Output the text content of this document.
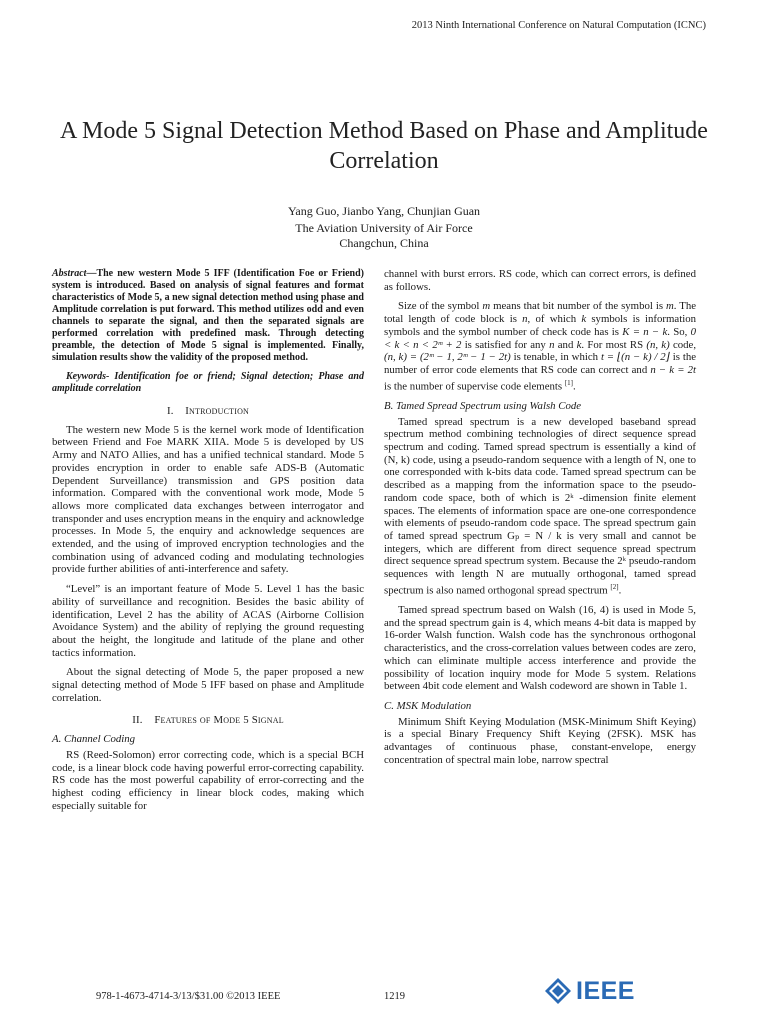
2013 Ninth International Conference on Natural Computation (ICNC)
A Mode 5 Signal Detection Method Based on Phase and Amplitude Correlation
Yang Guo, Jianbo Yang, Chunjian Guan
The Aviation University of Air Force
Changchun, China

Abstract—The new western Mode 5 IFF (Identification Foe or Friend) system is introduced. Based on analysis of signal features and format characteristics of Mode 5, a new signal detection method using phase and Amplitude correlation is put forward. This method utilizes odd and even channels to separate the signal, and then the separated signals are performed correlation with predefined mask. Through detecting preamble, the detection of Mode 5 signal is implemented. Finally, simulation results show the validity of the proposed method.

Keywords- Identification foe or friend; Signal detection; Phase and amplitude correlation

I. Introduction

The western new Mode 5 is the kernel work mode of Identification between Friend and Foe MARK XIIA. Mode 5 is developed by US Army and NATO Allies, and has a unified technical standard. Mode 5 provides encryption in order to enable safe ADS-B (Automatic Dependent Surveillance) transmission and GPS position data information. Compared with the conventional work mode, Mode 5 allows more complicated data exchanges between interrogator and transponder and uses encryption means in the enquiry and acknowledge processes. In Mode 5, the enquiry and acknowledge sequences are extended, and the using of improved encryption technologies and the combination using of advanced coding and modulating technologies provide further abilities of anti-interference and safety.

“Level” is an important feature of Mode 5. Level 1 has the basic ability of surveillance and recognition. Besides the basic ability of identification, Level 2 has the ability of ACAS (Airborne Collision Avoidance System) and the ability of replying the ground requesting about the height, the longitude and latitude of the plane and other tactics information.

About the signal detecting of Mode 5, the paper proposed a new signal detecting method of Mode 5 IFF based on phase and Amplitude correlation.

II. Features of Mode 5 Signal
A. Channel Coding

RS (Reed-Solomon) error correcting code, which is a special BCH code, is a linear block code having powerful error-correcting capability. RS code has the most powerful capability of error-correcting and the highest coding efficiency in linear block codes, making which especially suitable for

channel with burst errors. RS code, which can correct errors, is defined as follows.

Size of the symbol m means that bit number of the symbol is m. The total length of code block is n, of which k symbols is information symbols and the symbol number of check code has is K = n − k. So, 0 < k < n < 2ᵐ + 2 is satisfied for any n and k. For most RS (n, k) code, (n, k) = (2ᵐ − 1, 2ᵐ − 1 − 2t) is tenable, in which t = ⌊(n − k) / 2⌋ is the number of error code elements that RS code can correct and n − k = 2t is the number of supervise code elements [1].

B. Tamed Spread Spectrum using Walsh Code

Tamed spread spectrum is a new developed baseband spread spectrum method combining technologies of direct sequence spread spectrum and coding. Tamed spread spectrum is essentially a kind of (N, k) code, using a pseudo-random sequence with a length of N, one to one corresponded with k-bits data code. Tamed spread spectrum can be described as a mapping from the information space to the pseudo-random code space, both of which is 2ᵏ -dimension finite element spaces. The elements of information space are one-one correspondence with elements of pseudo-random code space. The spread spectrum gain of tamed spread spectrum Gₚ = N / k is very small and cannot be integers, which are different from direct sequence spread spectrum direct sequence spread spectrum system. Because the 2ᵏ pseudo-random sequences with length N are mutually orthogonal, tamed spread spectrum is also named orthogonal spread spectrum [2].

Tamed spread spectrum based on Walsh (16, 4) is used in Mode 5, and the spread spectrum gain is 4, which means 4-bit data is mapped by 16-order Walsh function. Walsh code has the synchronous orthogonal characteristics, and the cross-correlation values between codes are zero, which can eliminate multiple access interference and provide the possibility of location inquiry mode for Mode 5 system. Relations between 4bit code element and Walsh codeword are shown in Table 1.

C. MSK Modulation

Minimum Shift Keying Modulation (MSK-Minimum Shift Keying) is a special Binary Frequency Shift Keying (2FSK). MSK has advantages of continuous phase, constant-envelope, energy concentration of spectral main lobe, narrow spectral

978-1-4673-4714-3/13/$31.00 ©2013 IEEE	1219	IEEE
